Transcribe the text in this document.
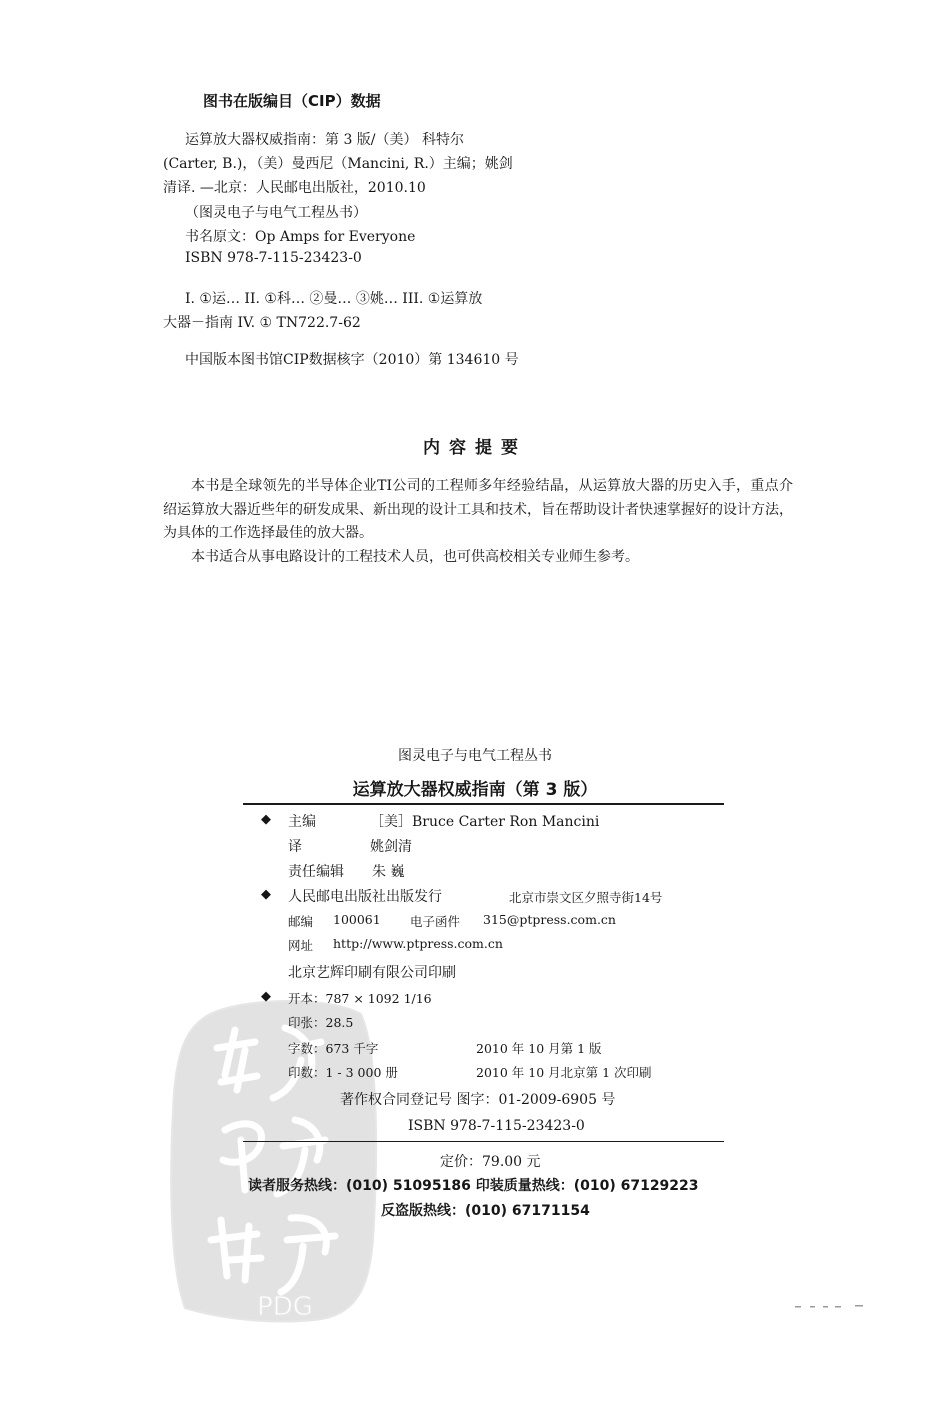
图书在版编目（CIP）数据
运算放大器权威指南：第 3 版/（美） 科特尔
(Carter, B.)，（美）曼西尼（Mancini, R.）主编；姚剑
清译. —北京：人民邮电出版社，2010.10
（图灵电子与电气工程丛书）
书名原文：Op Amps for Everyone
ISBN 978-7-115-23423-0
I. ①运… II. ①科… ②曼… ③姚… III. ①运算放
大器－指南 IV. ① TN722.7-62
中国版本图书馆CIP数据核字（2010）第 134610 号
内容提要

本书是全球领先的半导体企业TI公司的工程师多年经验结晶，从运算放大器的历史入手，重点介绍运算放大器近些年的研发成果、新出现的设计工具和技术，旨在帮助设计者快速掌握好的设计方法，为具体的工作选择最佳的放大器。

本书适合从事电路设计的工程技术人员，也可供高校相关专业师生参考。

PDG
图灵电子与电气工程丛书
运算放大器权威指南（第 3 版）
◆ 主编	［美］Bruce Carter Ron Mancini
译	姚剑清
责任编辑 朱 巍
◆ 人民邮电出版社出版发行	北京市崇文区夕照寺街14号
邮编 100061 电子函件 315@ptpress.com.cn
网址 http://www.ptpress.com.cn
北京艺辉印刷有限公司印刷
◆ 开本：787 × 1092 1/16
印张：28.5
字数：673 千字	2010 年 10 月第 1 版
印数：1 - 3 000 册	2010 年 10 月北京第 1 次印刷
著作权合同登记号 图字：01-2009-6905 号
ISBN 978-7-115-23423-0
定价：79.00 元
读者服务热线：(010) 51095186 印装质量热线：(010) 67129223
反盗版热线：(010) 67171154
